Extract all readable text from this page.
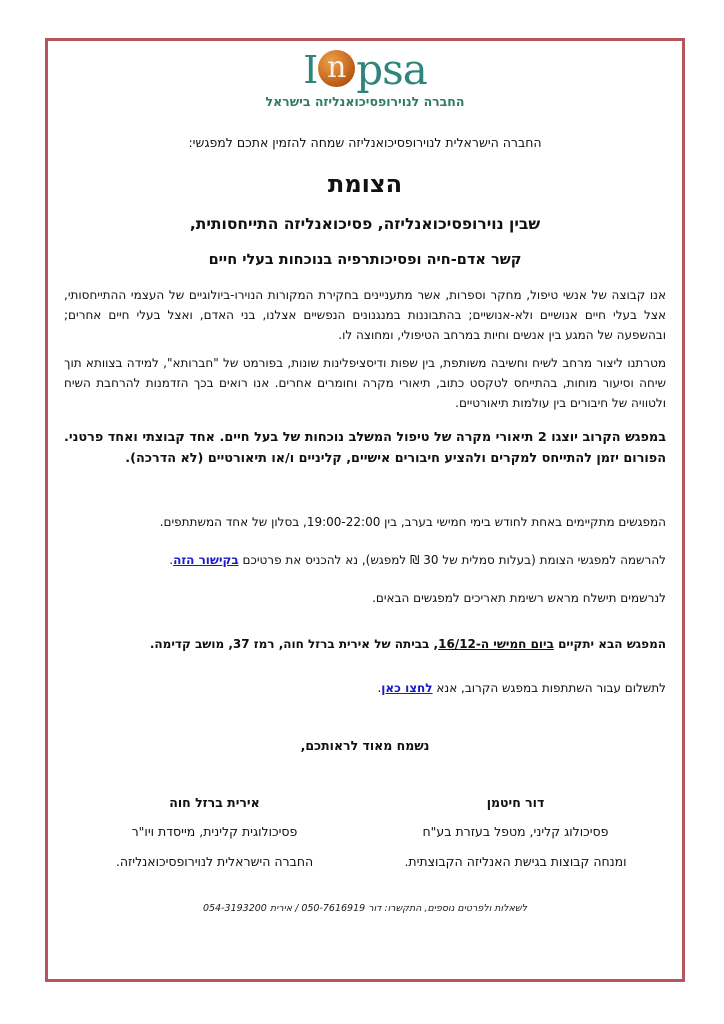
I n psa
החברה לנוירופסיכואנליזה בישראל
החברה הישראלית לנוירופסיכואנליזה שמחה להזמין אתכם למפגשי:
הצומת
שבין נוירופסיכואנליזה, פסיכואנליזה התייחסותית,
קשר אדם-חיה ופסיכותרפיה בנוכחות בעלי חיים

אנו קבוצה של אנשי טיפול, מחקר וספרות, אשר מתעניינים בחקירת המקורות הנוירו-ביולוגיים של העצמי ההתייחסותי, אצל בעלי חיים אנושיים ולא-אנושיים; בהתבוננות במנגנונים הנפשיים אצלנו, בני האדם, ואצל בעלי חיים אחרים; ובהשפעה של המגע בין אנשים וחיות במרחב הטיפולי, ומחוצה לו.

מטרתנו ליצור מרחב לשיח וחשיבה משותפת, בין שפות ודיסציפלינות שונות, בפורמט של "חברותא", למידה בצוותא תוך שיחה וסיעור מוחות, בהתייחס לטקסט כתוב, תיאורי מקרה וחומרים אחרים. אנו רואים בכך הזדמנות להרחבת השיח ולטוויה של חיבורים בין עולמות תיאורטיים.

במפגש הקרוב יוצגו 2 תיאורי מקרה של טיפול המשלב נוכחות של בעל חיים. אחד קבוצתי ואחד פרטני. הפורום יזמן להתייחס למקרים ולהציע חיבורים אישיים, קליניים ו/או תיאורטיים (לא הדרכה).

המפגשים מתקיימים באחת לחודש בימי חמישי בערב, בין 19:00-22:00, בסלון של אחד המשתתפים.

להרשמה למפגשי הצומת (בעלות סמלית של 30 ₪ למפגש), נא להכניס את פרטיכם בקישור הזה.

לנרשמים תישלח מראש רשימת תאריכים למפגשים הבאים.

המפגש הבא יתקיים ביום חמישי ה-16/12, בביתה של אירית ברזל חוה, רמז 37, מושב קדימה.

לתשלום עבור השתתפות במפגש הקרוב, אנא לחצו כאן.

נשמח מאוד לראותכם,
דור חיטמן
פסיכולוג קליני, מטפל בעזרת בע"ח
ומנחה קבוצות בגישת האנליזה הקבוצתית.
אירית ברזל חוה
פסיכולוגית קלינית, מייסדת ויו"ר
החברה הישראלית לנוירופסיכואנליזה.
לשאלות ולפרטים נוספים, התקשרו: דור 050-7616919 / אירית 054-3193200
